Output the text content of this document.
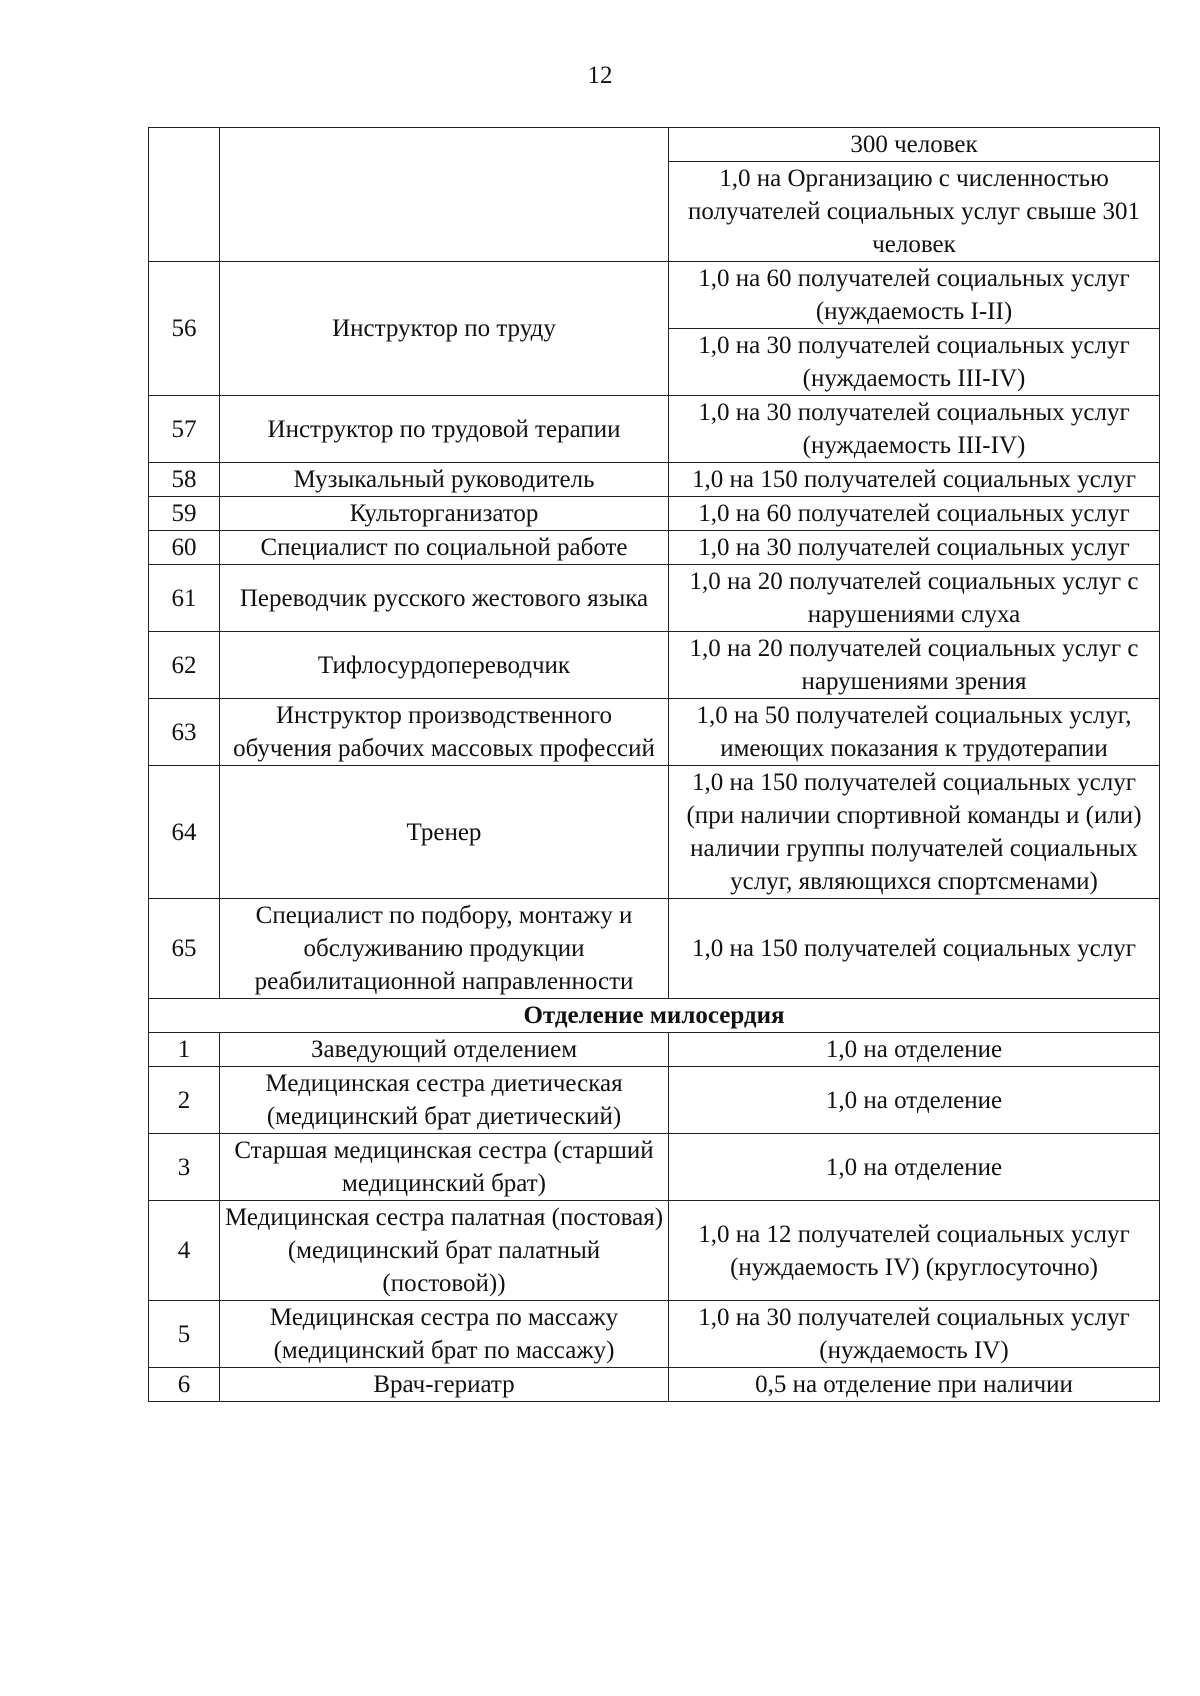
12
		300 человек
		1,0 на Организацию с численностью получателей социальных услуг свыше 301 человек
56	Инструктор по труду	1,0 на 60 получателей социальных услуг (нуждаемость I-II)
		1,0 на 30 получателей социальных услуг (нуждаемость III-IV)
57	Инструктор по трудовой терапии	1,0 на 30 получателей социальных услуг (нуждаемость III-IV)
58	Музыкальный руководитель	1,0 на 150 получателей социальных услуг
59	Культорганизатор	1,0 на 60 получателей социальных услуг
60	Специалист по социальной работе	1,0 на 30 получателей социальных услуг
61	Переводчик русского жестового языка	1,0 на 20 получателей социальных услуг с нарушениями слуха
62	Тифлосурдопереводчик	1,0 на 20 получателей социальных услуг с нарушениями зрения
63	Инструктор производственного обучения рабочих массовых профессий	1,0 на 50 получателей социальных услуг, имеющих показания к трудотерапии
64	Тренер	1,0 на 150 получателей социальных услуг (при наличии спортивной команды и (или) наличии группы получателей социальных услуг, являющихся спортсменами)
65	Специалист по подбору, монтажу и обслуживанию продукции реабилитационной направленности	1,0 на 150 получателей социальных услуг
Отделение милосердия		
1	Заведующий отделением	1,0 на отделение
2	Медицинская сестра диетическая (медицинский брат диетический)	1,0 на отделение
3	Старшая медицинская сестра (старший медицинский брат)	1,0 на отделение
4	Медицинская сестра палатная (постовая) (медицинский брат палатный (постовой))	1,0 на 12 получателей социальных услуг (нуждаемость IV) (круглосуточно)
5	Медицинская сестра по массажу (медицинский брат по массажу)	1,0 на 30 получателей социальных услуг (нуждаемость IV)
6	Врач-гериатр	0,5 на отделение при наличии
